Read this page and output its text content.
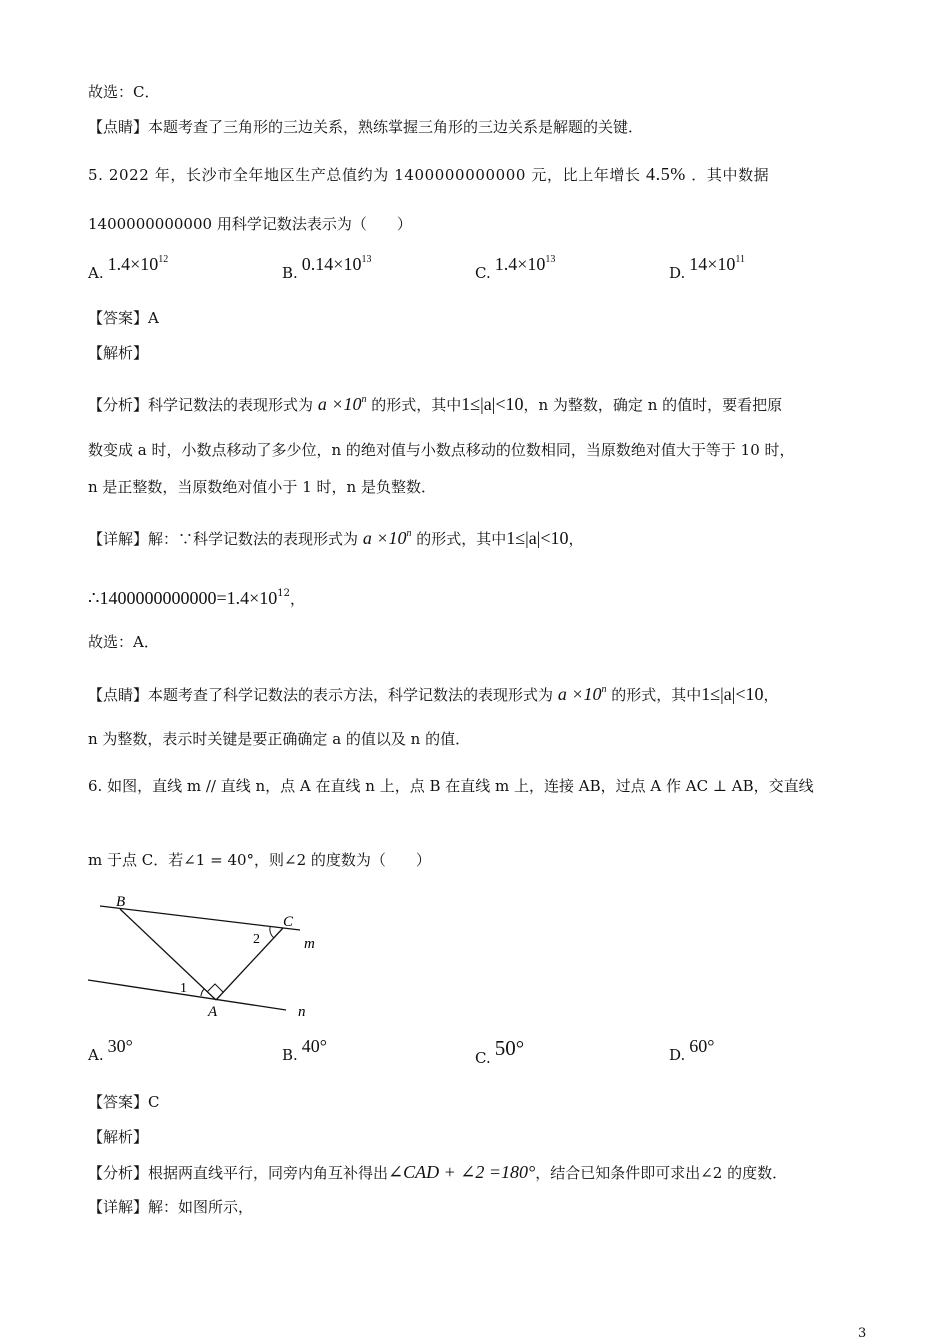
故选：C．
【点睛】本题考查了三角形的三边关系，熟练掌握三角形的三边关系是解题的关键．
5. 2022 年，长沙市全年地区生产总值约为 1400000000000 元，比上年增长 4.5% ．其中数据
1400000000000 用科学记数法表示为（　　）
A. $1.4\times 10^{12}$
B. $0.14\times 10^{13}$
C. $1.4\times 10^{13}$
D. $14\times 10^{11}$
【答案】A
【解析】
【分析】科学记数法的表现形式为 $a \times 10^n$ 的形式，其中1≤|a|<10，n 为整数，确定 n 的值时，要看把原
数变成 a 时，小数点移动了多少位，n 的绝对值与小数点移动的位数相同，当原数绝对值大于等于 10 时，
n 是正整数，当原数绝对值小于 1 时，n 是负整数．
【详解】解：∵科学记数法的表现形式为 $a \times 10^n$ 的形式，其中1≤|a|<10，
$\therefore 1400000000000=1.4\times 10^{12}$，
故选：A．
【点睛】本题考查了科学记数法的表示方法，科学记数法的表现形式为 $a \times 10^n$ 的形式，其中1≤|a|<10，
n 为整数，表示时关键是要正确确定 a 的值以及 n 的值．
6. 如图，直线 m // 直线 n，点 A 在直线 n 上，点 B 在直线 m 上，连接 AB，过点 A 作 AC ⊥ AB，交直线
m 于点 C．若∠1 = 40°，则∠2 的度数为（　　）
B
C
m
2
1
A	n
A. 30°	B. 40°
C. 50°	D. 60°
【答案】C
【解析】
【分析】根据两直线平行，同旁内角互补得出∠CAD + ∠2 =180°，结合已知条件即可求出∠2 的度数．
【详解】解：如图所示，
3
